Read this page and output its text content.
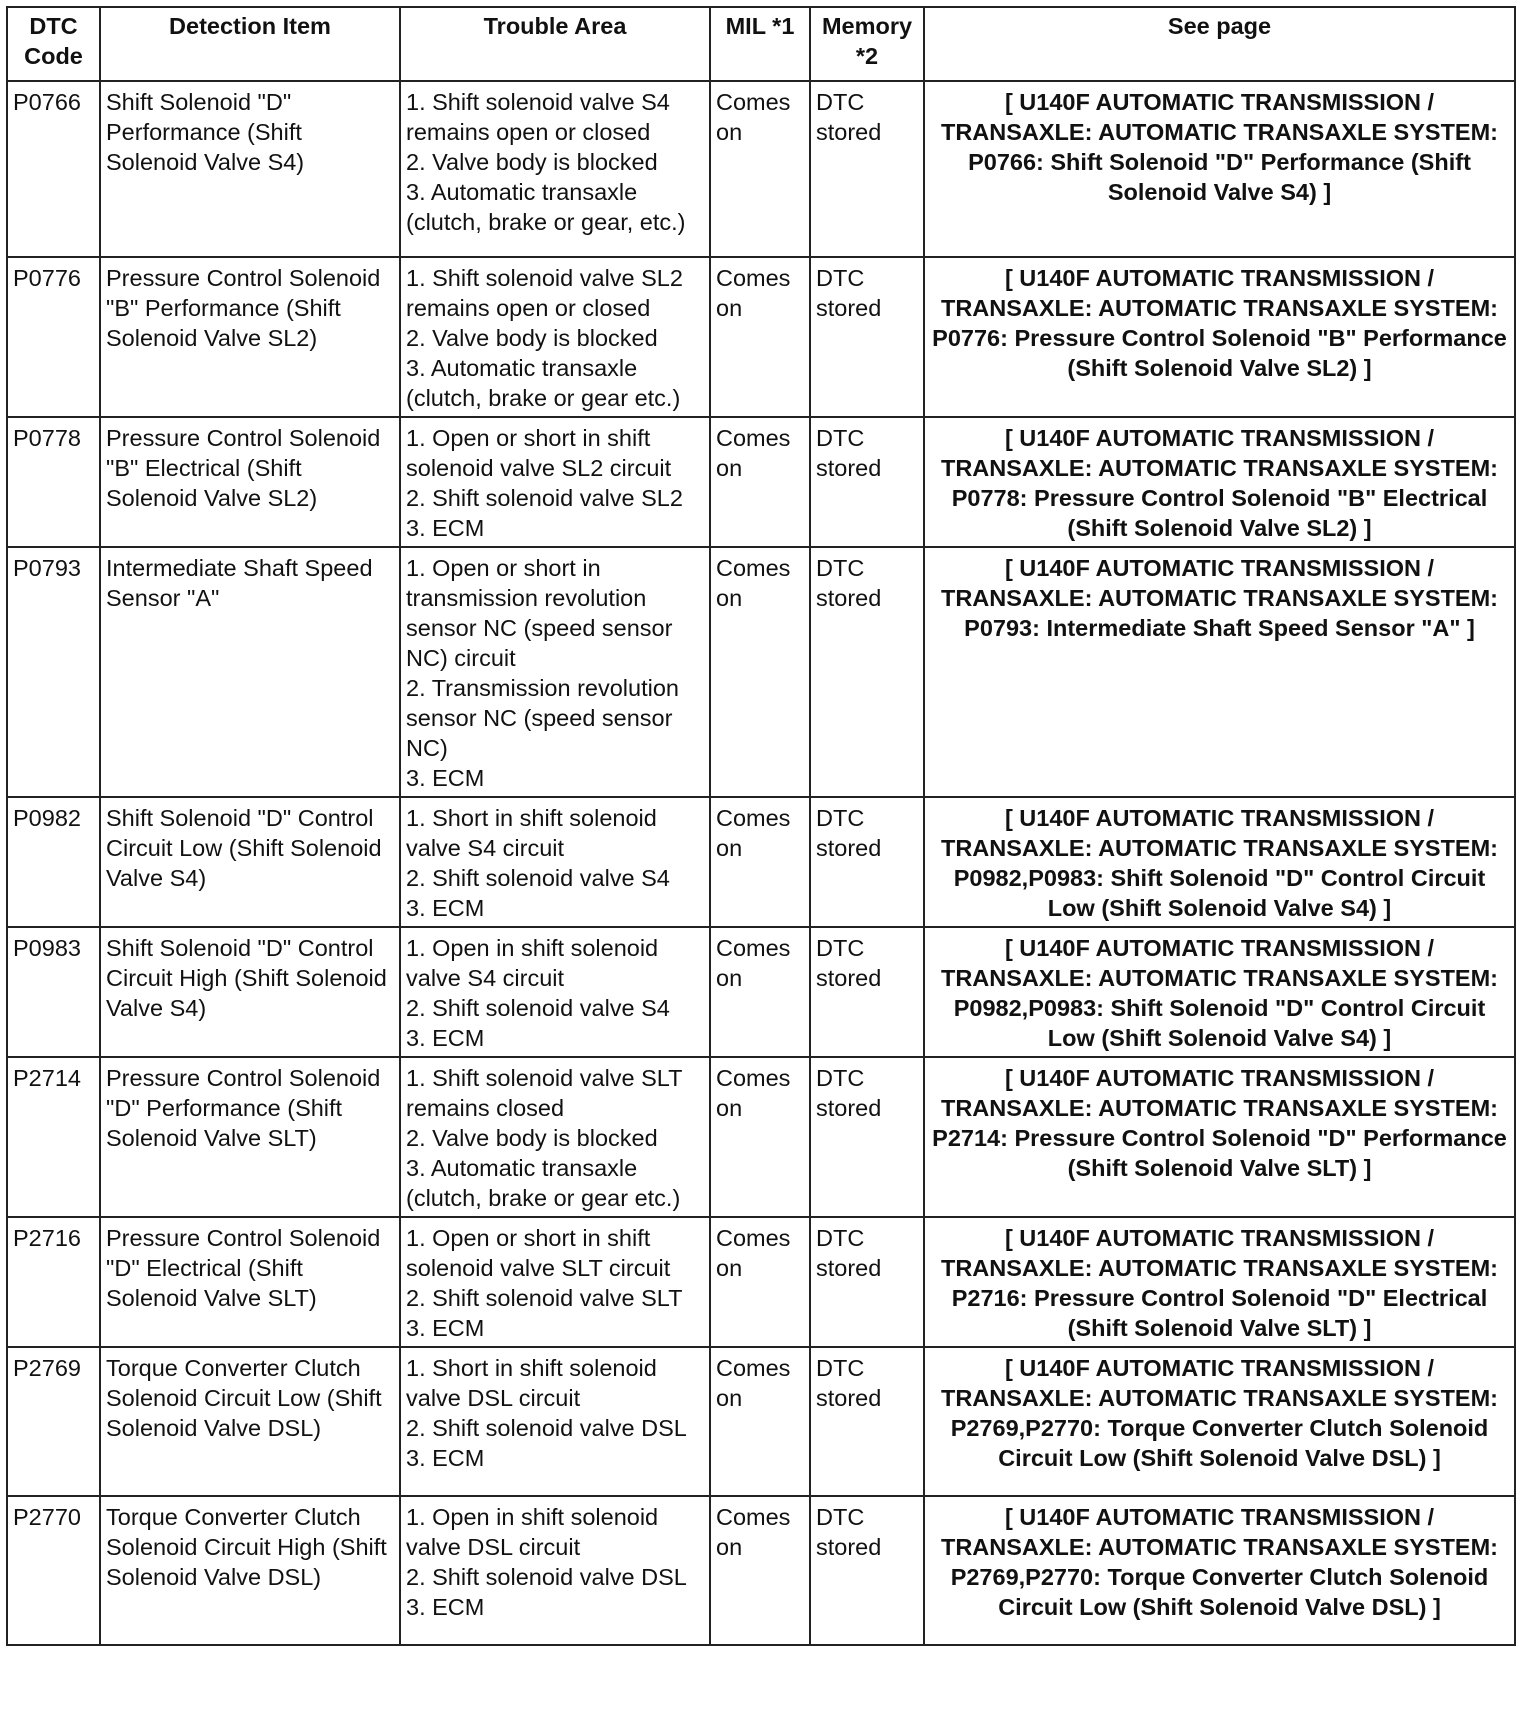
DTC Code	Detection Item	Trouble Area	MIL *1	Memory *2	See page
P0766	Shift Solenoid "D" Performance (Shift Solenoid Valve S4)	1. Shift solenoid valve S4 remains open or closed
2. Valve body is blocked
3. Automatic transaxle (clutch, brake or gear, etc.)	Comes on	DTC stored	[ U140F AUTOMATIC TRANSMISSION / TRANSAXLE: AUTOMATIC TRANSAXLE SYSTEM: P0766: Shift Solenoid "D" Performance (Shift Solenoid Valve S4) ]
P0776	Pressure Control Solenoid "B" Performance (Shift Solenoid Valve SL2)	1. Shift solenoid valve SL2 remains open or closed
2. Valve body is blocked
3. Automatic transaxle (clutch, brake or gear etc.)	Comes on	DTC stored	[ U140F AUTOMATIC TRANSMISSION / TRANSAXLE: AUTOMATIC TRANSAXLE SYSTEM: P0776: Pressure Control Solenoid "B" Performance (Shift Solenoid Valve SL2) ]
P0778	Pressure Control Solenoid "B" Electrical (Shift Solenoid Valve SL2)	1. Open or short in shift solenoid valve SL2 circuit
2. Shift solenoid valve SL2
3. ECM	Comes on	DTC stored	[ U140F AUTOMATIC TRANSMISSION / TRANSAXLE: AUTOMATIC TRANSAXLE SYSTEM: P0778: Pressure Control Solenoid "B" Electrical (Shift Solenoid Valve SL2) ]
P0793	Intermediate Shaft Speed Sensor "A"	1. Open or short in transmission revolution sensor NC (speed sensor NC) circuit
2. Transmission revolution sensor NC (speed sensor NC)
3. ECM	Comes on	DTC stored	[ U140F AUTOMATIC TRANSMISSION / TRANSAXLE: AUTOMATIC TRANSAXLE SYSTEM: P0793: Intermediate Shaft Speed Sensor "A" ]
P0982	Shift Solenoid "D" Control Circuit Low (Shift Solenoid Valve S4)	1. Short in shift solenoid valve S4 circuit
2. Shift solenoid valve S4
3. ECM	Comes on	DTC stored	[ U140F AUTOMATIC TRANSMISSION / TRANSAXLE: AUTOMATIC TRANSAXLE SYSTEM: P0982,P0983: Shift Solenoid "D" Control Circuit Low (Shift Solenoid Valve S4) ]
P0983	Shift Solenoid "D" Control Circuit High (Shift Solenoid Valve S4)	1. Open in shift solenoid valve S4 circuit
2. Shift solenoid valve S4
3. ECM	Comes on	DTC stored	[ U140F AUTOMATIC TRANSMISSION / TRANSAXLE: AUTOMATIC TRANSAXLE SYSTEM: P0982,P0983: Shift Solenoid "D" Control Circuit Low (Shift Solenoid Valve S4) ]
P2714	Pressure Control Solenoid "D" Performance (Shift Solenoid Valve SLT)	1. Shift solenoid valve SLT remains closed
2. Valve body is blocked
3. Automatic transaxle (clutch, brake or gear etc.)	Comes on	DTC stored	[ U140F AUTOMATIC TRANSMISSION / TRANSAXLE: AUTOMATIC TRANSAXLE SYSTEM: P2714: Pressure Control Solenoid "D" Performance (Shift Solenoid Valve SLT) ]
P2716	Pressure Control Solenoid "D" Electrical (Shift Solenoid Valve SLT)	1. Open or short in shift solenoid valve SLT circuit
2. Shift solenoid valve SLT
3. ECM	Comes on	DTC stored	[ U140F AUTOMATIC TRANSMISSION / TRANSAXLE: AUTOMATIC TRANSAXLE SYSTEM: P2716: Pressure Control Solenoid "D" Electrical (Shift Solenoid Valve SLT) ]
P2769	Torque Converter Clutch Solenoid Circuit Low (Shift Solenoid Valve DSL)	1. Short in shift solenoid valve DSL circuit
2. Shift solenoid valve DSL
3. ECM	Comes on	DTC stored	[ U140F AUTOMATIC TRANSMISSION / TRANSAXLE: AUTOMATIC TRANSAXLE SYSTEM: P2769,P2770: Torque Converter Clutch Solenoid Circuit Low (Shift Solenoid Valve DSL) ]
P2770	Torque Converter Clutch Solenoid Circuit High (Shift Solenoid Valve DSL)	1. Open in shift solenoid valve DSL circuit
2. Shift solenoid valve DSL
3. ECM	Comes on	DTC stored	[ U140F AUTOMATIC TRANSMISSION / TRANSAXLE: AUTOMATIC TRANSAXLE SYSTEM: P2769,P2770: Torque Converter Clutch Solenoid Circuit Low (Shift Solenoid Valve DSL) ]
